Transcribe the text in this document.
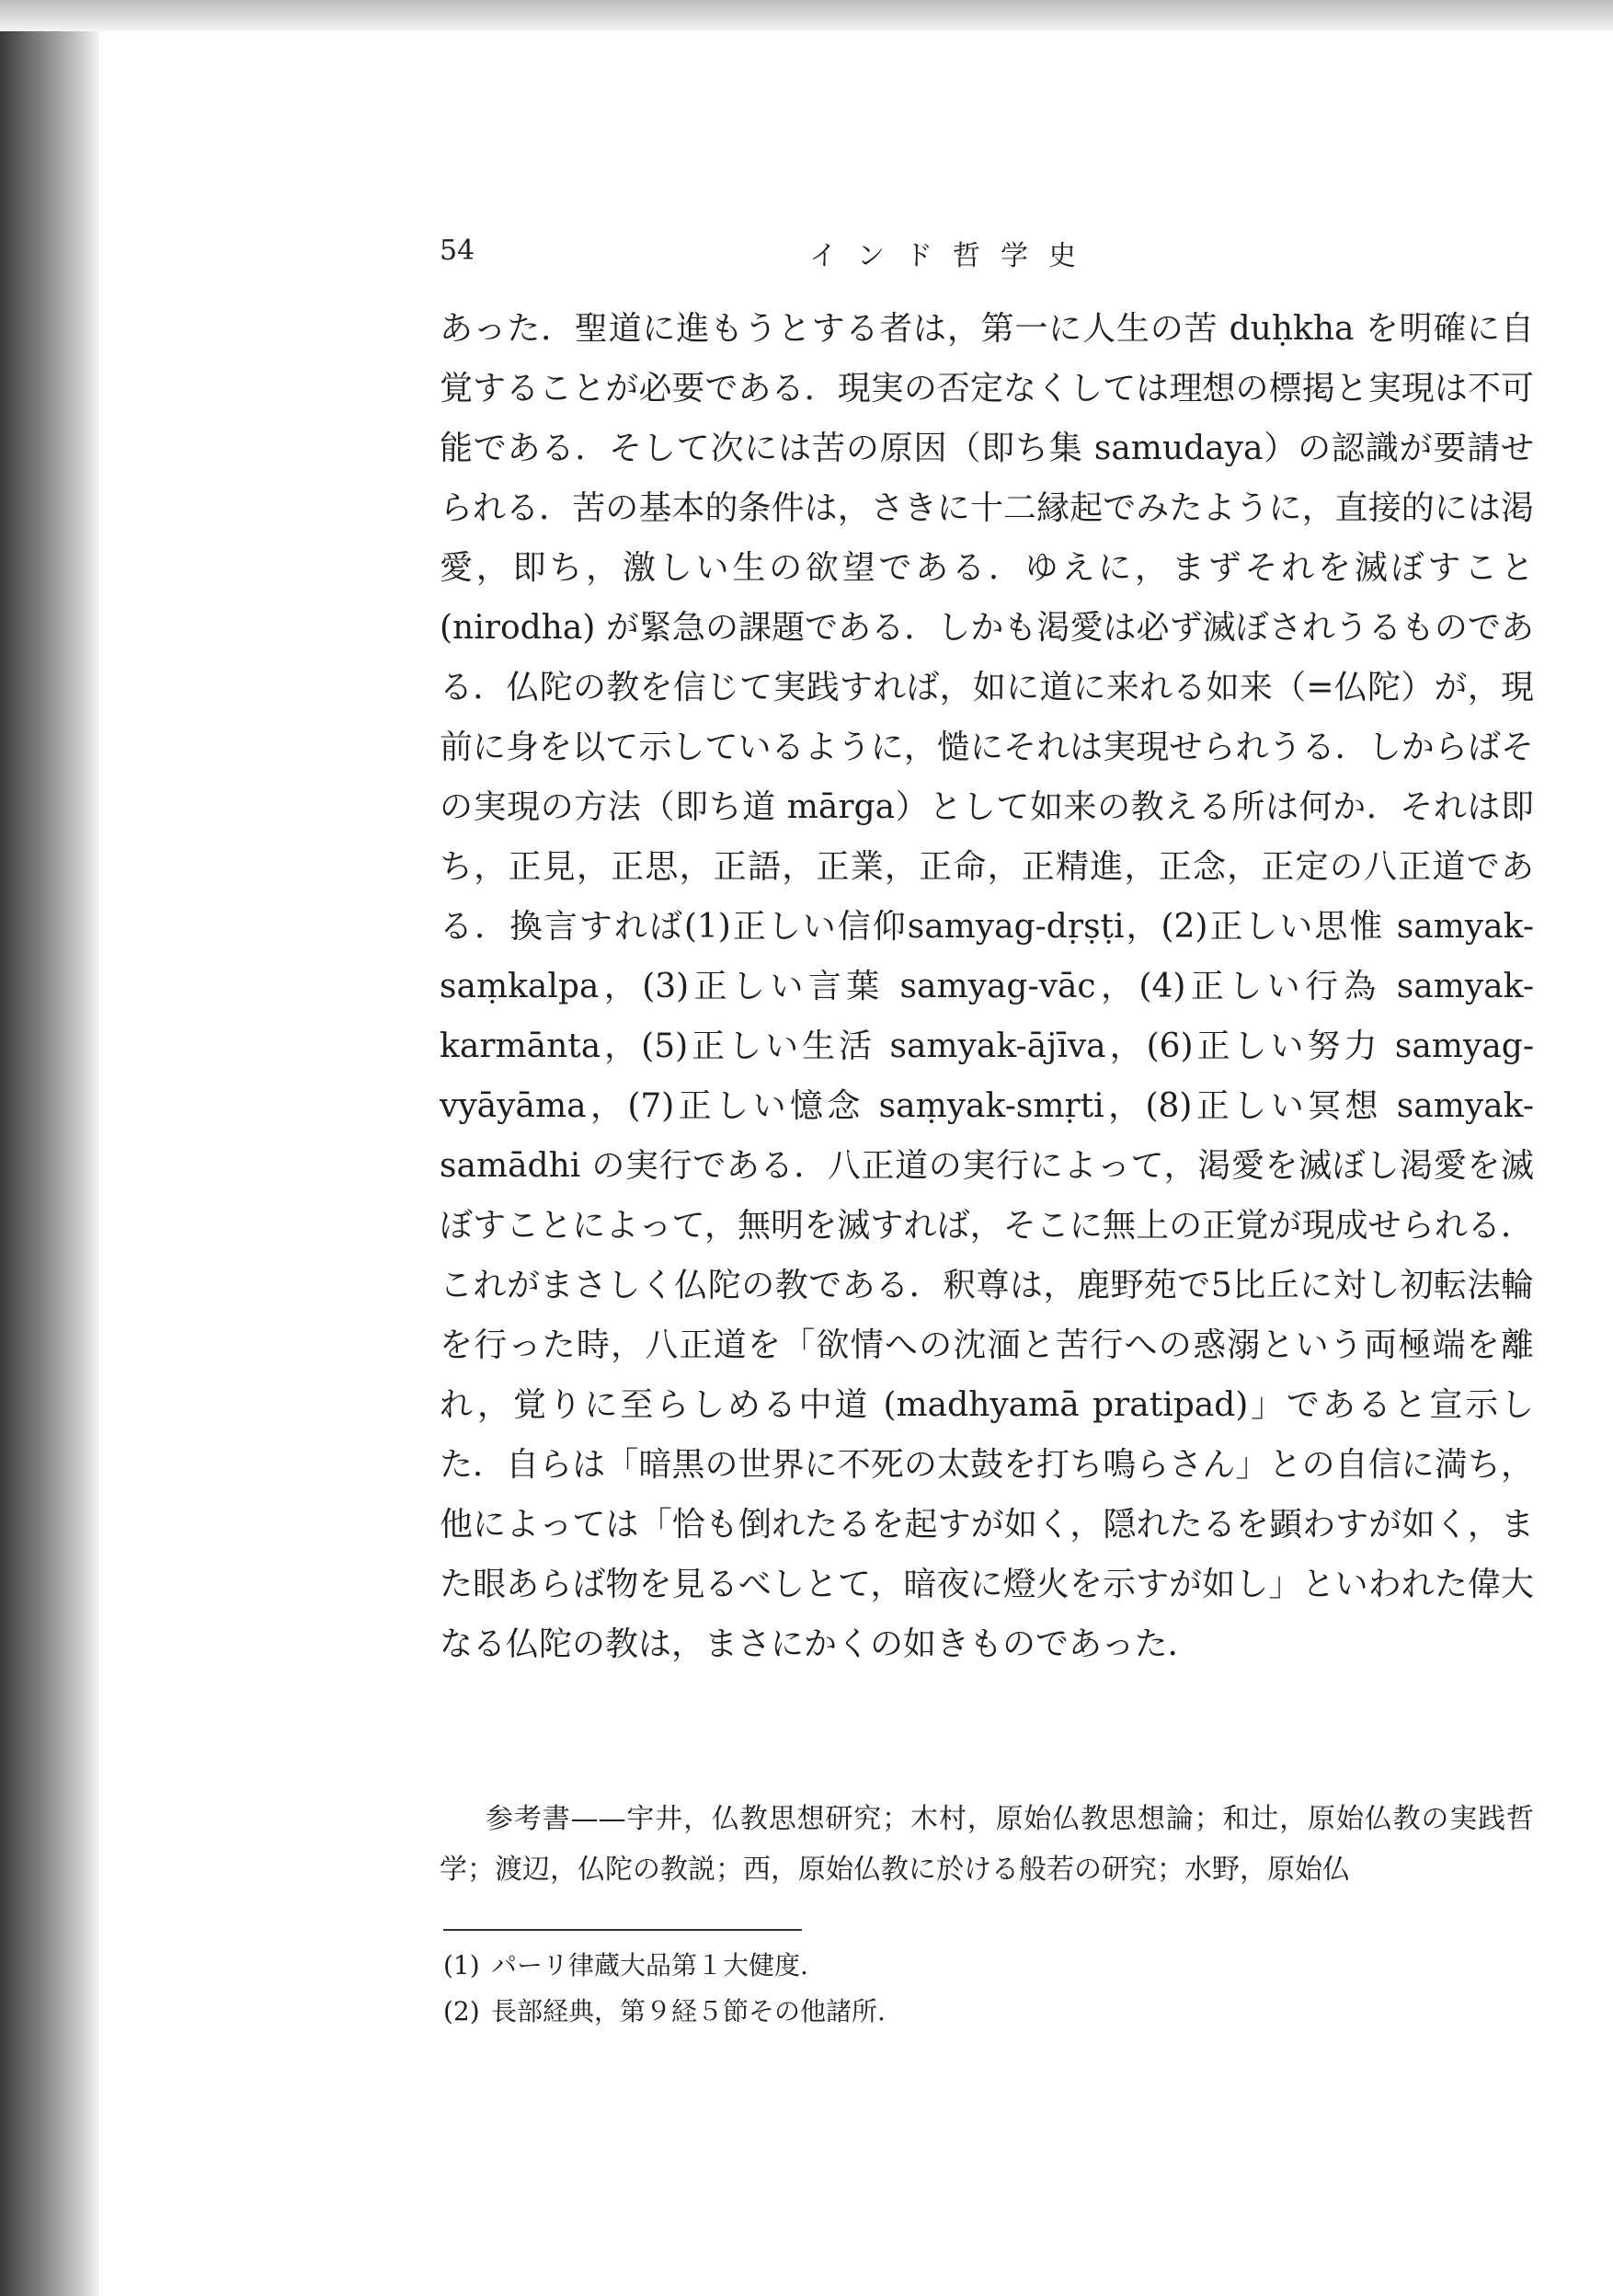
54	インド哲学史

あった．聖道に進もうとする者は，第一に人生の苦 duḥkha を明確に自覚することが必要である．現実の否定なくしては理想の標掲と実現は不可能である．そして次には苦の原因（即ち集 samudaya）の認識が要請せられる．苦の基本的条件は，さきに十二縁起でみたように，直接的には渇愛，即ち，激しい生の欲望である．ゆえに，まずそれを滅ぼすこと (nirodha) が緊急の課題である．しかも渇愛は必ず滅ぼされうるものである．仏陀の教を信じて実践すれば，如に道に来れる如来（=仏陀）が，現前に身を以て示しているように，慥にそれは実現せられうる．しからばその実現の方法（即ち道 mārga）として如来の教える所は何か．それは即ち，正見，正思，正語，正業，正命，正精進，正念，正定の八正道である．換言すれば(1)正しい信仰samyag-dṛṣṭi，(2)正しい思惟 samyak-saṃkalpa，(3)正しい言葉 samyag-vāc，(4)正しい行為 samyak-karmānta，(5)正しい生活 samyak-ājīva，(6)正しい努力 samyag-vyāyāma，(7)正しい憶念 saṃyak-smṛti，(8)正しい冥想 samyak-samādhi の実行である．八正道の実行によって，渇愛を滅ぼし渇愛を滅ぼすことによって，無明を滅すれば，そこに無上の正覚が現成せられる．これがまさしく仏陀の教である．釈尊は，鹿野苑で5比丘に対し初転法輪を行った時，八正道を「欲情への沈湎と苦行への惑溺という両極端を離れ，覚りに至らしめる中道 (madhyamā pratipad)」であると宣示した．自らは「暗黒の世界に不死の太鼓を打ち鳴らさん」との自信に満ち，他によっては「恰も倒れたるを起すが如く，隠れたるを顕わすが如く，また眼あらば物を見るべしとて，暗夜に燈火を示すが如し」といわれた偉大なる仏陀の教は，まさにかくの如きものであった．

参考書——宇井，仏教思想研究；木村，原始仏教思想論；和辻，原始仏教の実践哲学；渡辺，仏陀の教説；西，原始仏教に於ける般若の研究；水野，原始仏

(1) パーリ律蔵大品第１大健度.
(2) 長部経典，第９経５節その他諸所.
